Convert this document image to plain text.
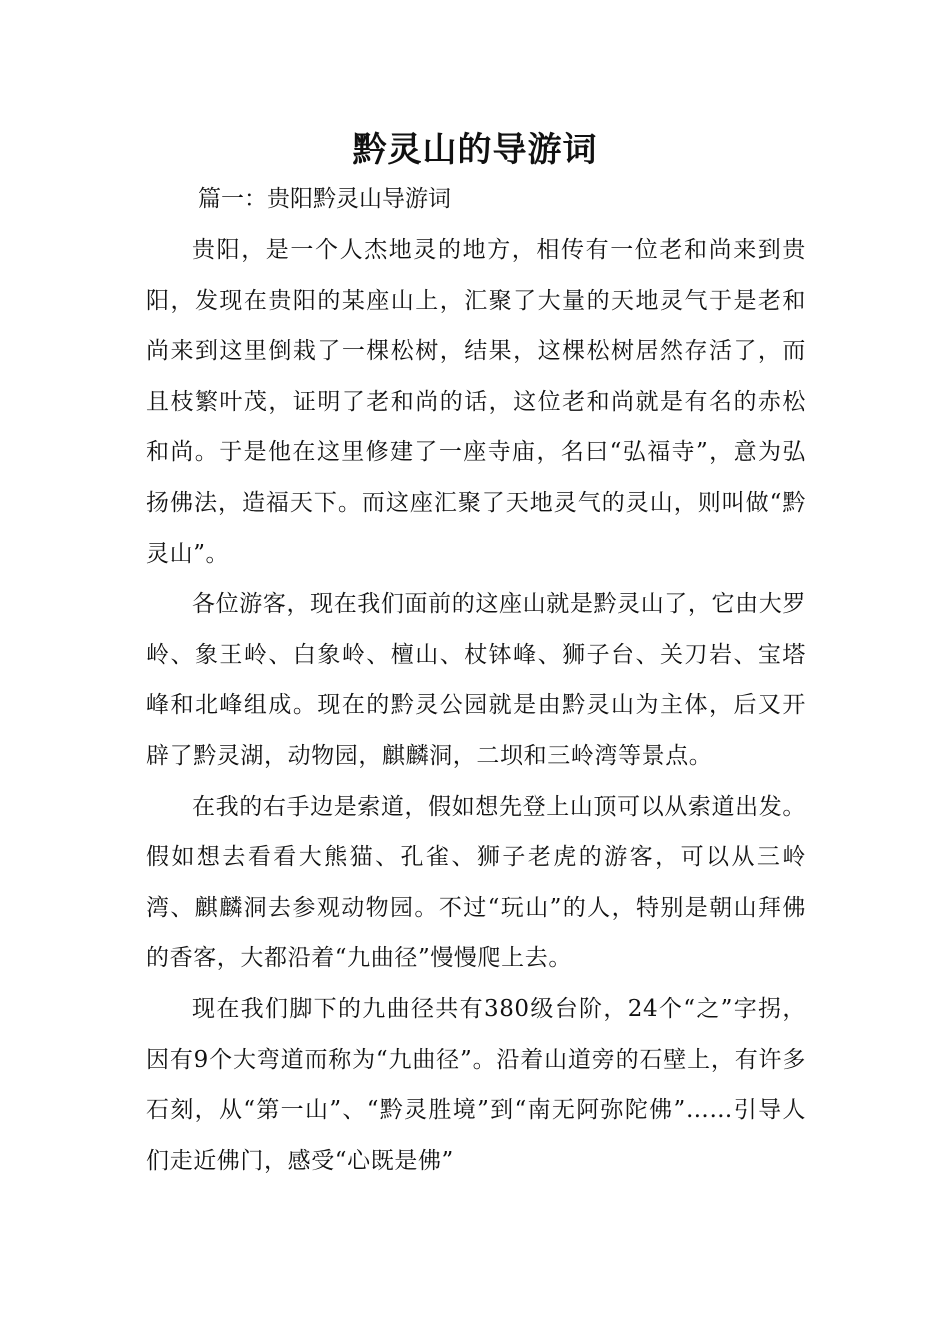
黔灵山的导游词

篇一：贵阳黔灵山导游词

贵阳，是一个人杰地灵的地方，相传有一位老和尚来到贵阳，发现在贵阳的某座山上，汇聚了大量的天地灵气于是老和尚来到这里倒栽了一棵松树，结果，这棵松树居然存活了，而且枝繁叶茂，证明了老和尚的话，这位老和尚就是有名的赤松和尚。于是他在这里修建了一座寺庙，名曰“弘福寺”，意为弘扬佛法，造福天下。而这座汇聚了天地灵气的灵山，则叫做“黔灵山”。

各位游客，现在我们面前的这座山就是黔灵山了，它由大罗岭、象王岭、白象岭、檀山、杖钵峰、狮子台、关刀岩、宝塔峰和北峰组成。现在的黔灵公园就是由黔灵山为主体，后又开辟了黔灵湖，动物园，麒麟洞，二坝和三岭湾等景点。

在我的右手边是索道，假如想先登上山顶可以从索道出发。假如想去看看大熊猫、孔雀、狮子老虎的游客，可以从三岭湾、麒麟洞去参观动物园。不过“玩山”的人，特别是朝山拜佛的香客，大都沿着“九曲径”慢慢爬上去。

现在我们脚下的九曲径共有380级台阶，24个“之”字拐，因有9个大弯道而称为“九曲径”。沿着山道旁的石壁上，有许多石刻，从“第一山”、“黔灵胜境”到“南无阿弥陀佛”……引导人们走近佛门，感受“心既是佛”
